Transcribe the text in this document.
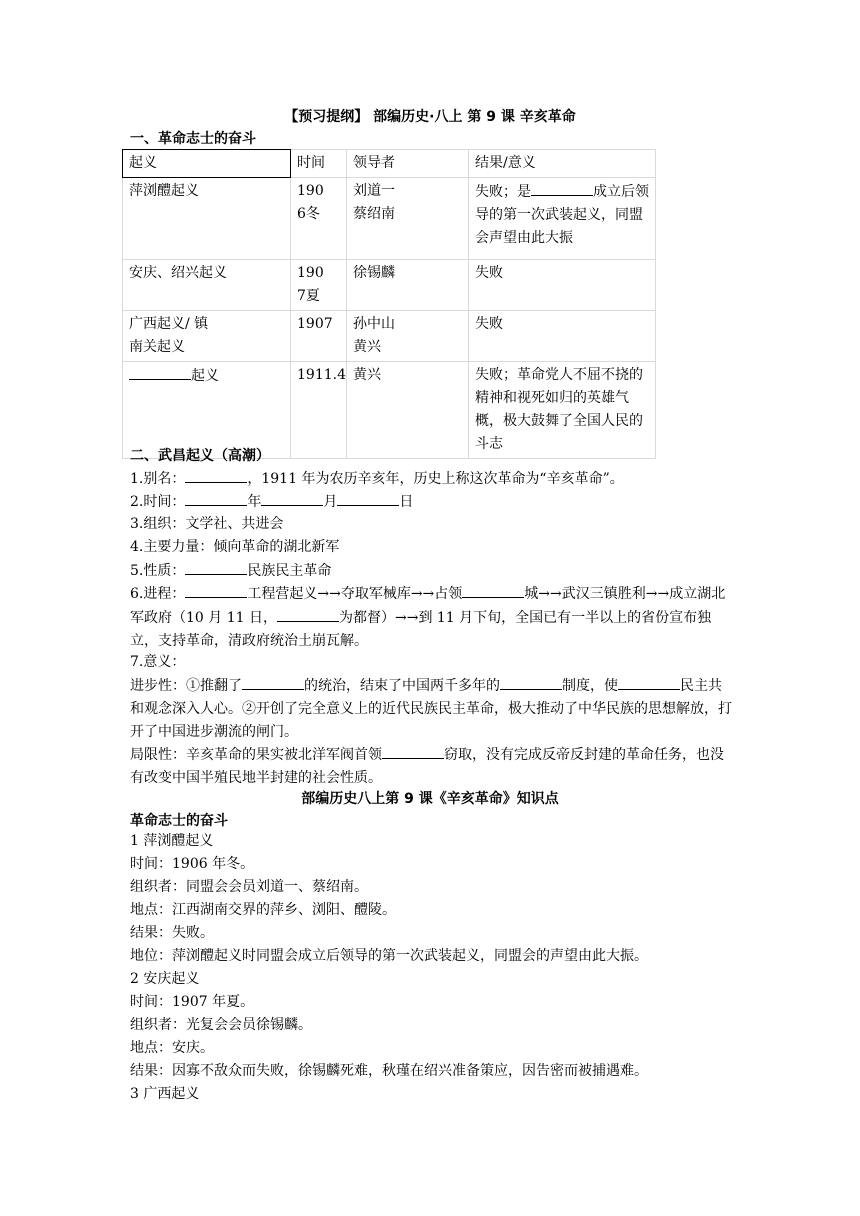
【预习提纲】 部编历史·八上 第 9 课 辛亥革命
一、革命志士的奋斗
起义	时间	领导者	结果/意义
萍浏醴起义	1906冬	刘道一 蔡绍南	失败；是 成立后领导的第一次武装起义，同盟会声望由此大振
安庆、绍兴起义	1907夏	徐锡麟	失败

广西起义/ 镇南关起义	1907	孙中山 黄兴	失败
起义	1911.4	黄兴	失败；革命党人不屈不挠的精神和视死如归的英雄气概，极大鼓舞了全国人民的斗志
二、武昌起义（高潮）
1.别名：	，1911 年为农历辛亥年，历史上称这次革命为“辛亥革命”。
2.时间：	年	月	日
3.组织：文学社、共进会
4.主要力量：倾向革命的湖北新军
5.性质：	民族民主革命
6.进程：	工程营起义→→夺取军械库→→占领	城→→武汉三镇胜利→→成立湖北军政府（10 月 11 日，	为都督）→→到 11 月下旬，全国已有一半以上的省份宣布独立，支持革命，清政府统治土崩瓦解。
7.意义：
进步性：①推翻了	的统治，结束了中国两千多年的	制度，使	民主共和观念深入人心。②开创了完全意义上的近代民族民主革命，极大推动了中华民族的思想解放，打开了中国进步潮流的闸门。
局限性：辛亥革命的果实被北洋军阀首领	窃取，没有完成反帝反封建的革命任务，也没有改变中国半殖民地半封建的社会性质。
部编历史八上第 9 课《辛亥革命》知识点
革命志士的奋斗
1 萍浏醴起义
时间：1906 年冬。
组织者：同盟会会员刘道一、蔡绍南。
地点：江西湖南交界的萍乡、浏阳、醴陵。
结果：失败。
地位：萍浏醴起义时同盟会成立后领导的第一次武装起义，同盟会的声望由此大振。
2 安庆起义
时间：1907 年夏。
组织者：光复会会员徐锡麟。
地点：安庆。
结果：因寡不敌众而失败，徐锡麟死难，秋瑾在绍兴准备策应，因告密而被捕遇难。
3 广西起义
